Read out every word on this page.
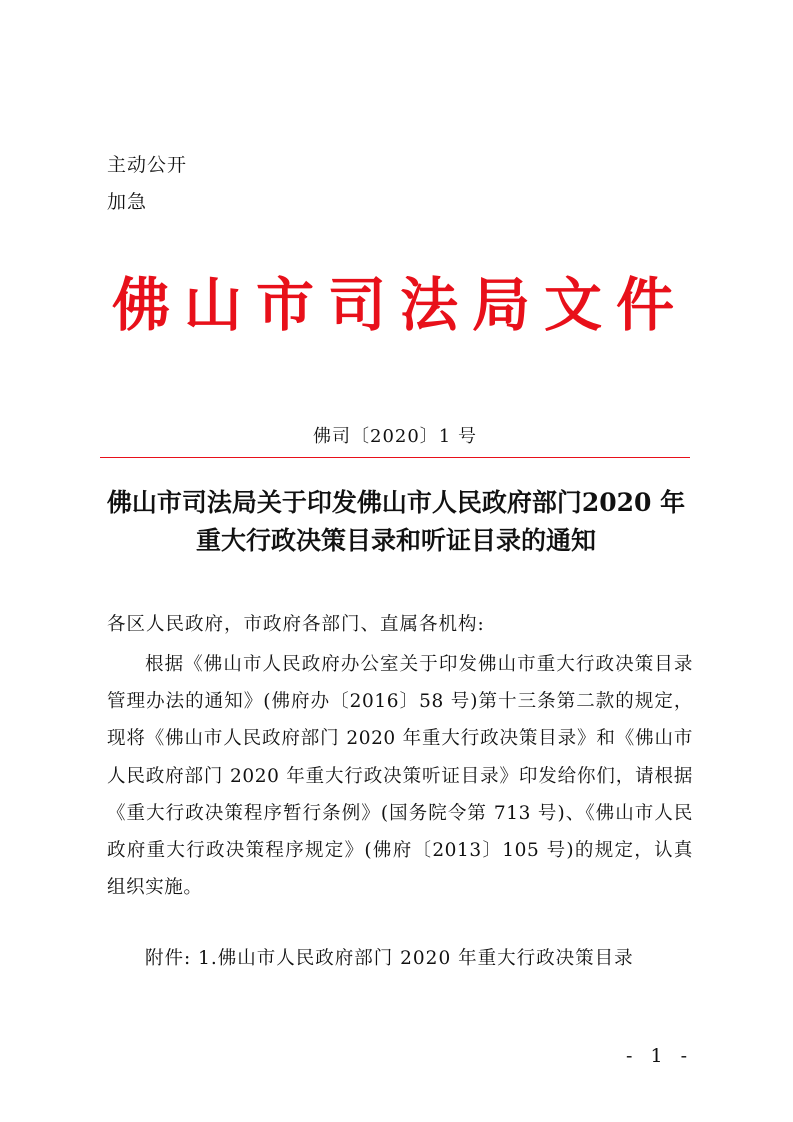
主动公开
加急
佛山市司法局文件
佛司〔2020〕1 号
佛山市司法局关于印发佛山市人民政府部门2020 年
重大行政决策目录和听证目录的通知
各区人民政府，市政府各部门、直属各机构:

根据《佛山市人民政府办公室关于印发佛山市重大行政决策目录管理办法的通知》(佛府办〔2016〕58 号)第十三条第二款的规定，现将《佛山市人民政府部门 2020 年重大行政决策目录》和《佛山市人民政府部门 2020 年重大行政决策听证目录》印发给你们，请根据《重大行政决策程序暂行条例》(国务院令第 713 号)、《佛山市人民政府重大行政决策程序规定》(佛府〔2013〕105 号)的规定，认真组织实施。

附件: 1.佛山市人民政府部门 2020 年重大行政决策目录
- 1 -
